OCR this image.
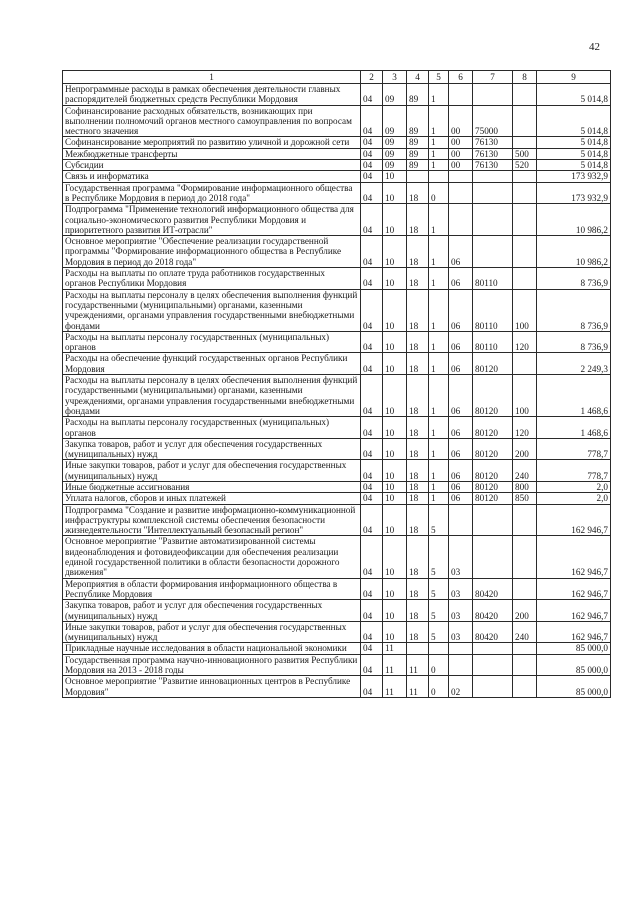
42
1	2	3	4	5	6	7	8	9
Непрограммные расходы в рамках обеспечения деятельности главных распорядителей бюджетных средств Республики Мордовия	04	09	89	1				5 014,8
Софинансирование расходных обязательств, возникающих при выполнении полномочий органов местного самоуправления по вопросам местного значения	04	09	89	1	00	75000		5 014,8
Софинансирование мероприятий по развитию уличной и дорожной сети	04	09	89	1	00	76130		5 014,8
Межбюджетные трансферты	04	09	89	1	00	76130	500	5 014,8
Субсидии	04	09	89	1	00	76130	520	5 014,8
Связь и информатика	04	10						173 932,9
Государственная программа "Формирование информационного общества в Республике Мордовия в период до 2018 года"	04	10	18	0				173 932,9
Подпрограмма "Применение технологий информационного общества для социально-экономического развития Республики Мордовия и приоритетного развития ИТ-отрасли"	04	10	18	1				10 986,2
Основное мероприятие "Обеспечение реализации государственной программы "Формирование информационного общества в Республике Мордовия в период до 2018 года"	04	10	18	1	06			10 986,2
Расходы на выплаты по оплате труда работников государственных органов Республики Мордовия	04	10	18	1	06	80110		8 736,9
Расходы на выплаты персоналу в целях обеспечения выполнения функций государственными (муниципальными) органами, казенными учреждениями, органами управления государственными внебюджетными фондами	04	10	18	1	06	80110	100	8 736,9
Расходы на выплаты персоналу государственных (муниципальных) органов	04	10	18	1	06	80110	120	8 736,9
Расходы на обеспечение функций государственных органов Республики Мордовия	04	10	18	1	06	80120		2 249,3
Расходы на выплаты персоналу в целях обеспечения выполнения функций государственными (муниципальными) органами, казенными учреждениями, органами управления государственными внебюджетными фондами	04	10	18	1	06	80120	100	1 468,6
Расходы на выплаты персоналу государственных (муниципальных) органов	04	10	18	1	06	80120	120	1 468,6
Закупка товаров, работ и услуг для обеспечения государственных (муниципальных) нужд	04	10	18	1	06	80120	200	778,7
Иные закупки товаров, работ и услуг для обеспечения государственных (муниципальных) нужд	04	10	18	1	06	80120	240	778,7
Иные бюджетные ассигнования	04	10	18	1	06	80120	800	2,0
Уплата налогов, сборов и иных платежей	04	10	18	1	06	80120	850	2,0
Подпрограмма "Создание и развитие информационно-коммуникационной инфраструктуры комплексной системы обеспечения безопасности жизнедеятельности "Интеллектуальный безопасный регион"	04	10	18	5				162 946,7
Основное мероприятие "Развитие автоматизированной системы видеонаблюдения и фотовидеофиксации для обеспечения реализации единой государственной политики в области безопасности дорожного движения"	04	10	18	5	03			162 946,7
Мероприятия в области формирования информационного общества в Республике Мордовия	04	10	18	5	03	80420		162 946,7
Закупка товаров, работ и услуг для обеспечения государственных (муниципальных) нужд	04	10	18	5	03	80420	200	162 946,7
Иные закупки товаров, работ и услуг для обеспечения государственных (муниципальных) нужд	04	10	18	5	03	80420	240	162 946,7
Прикладные научные исследования в области национальной экономики	04	11						85 000,0
Государственная программа научно-инновационного развития Республики Мордовия на 2013 - 2018 годы	04	11	11	0				85 000,0
Основное мероприятие "Развитие инновационных центров в Республике Мордовия"	04	11	11	0	02			85 000,0
